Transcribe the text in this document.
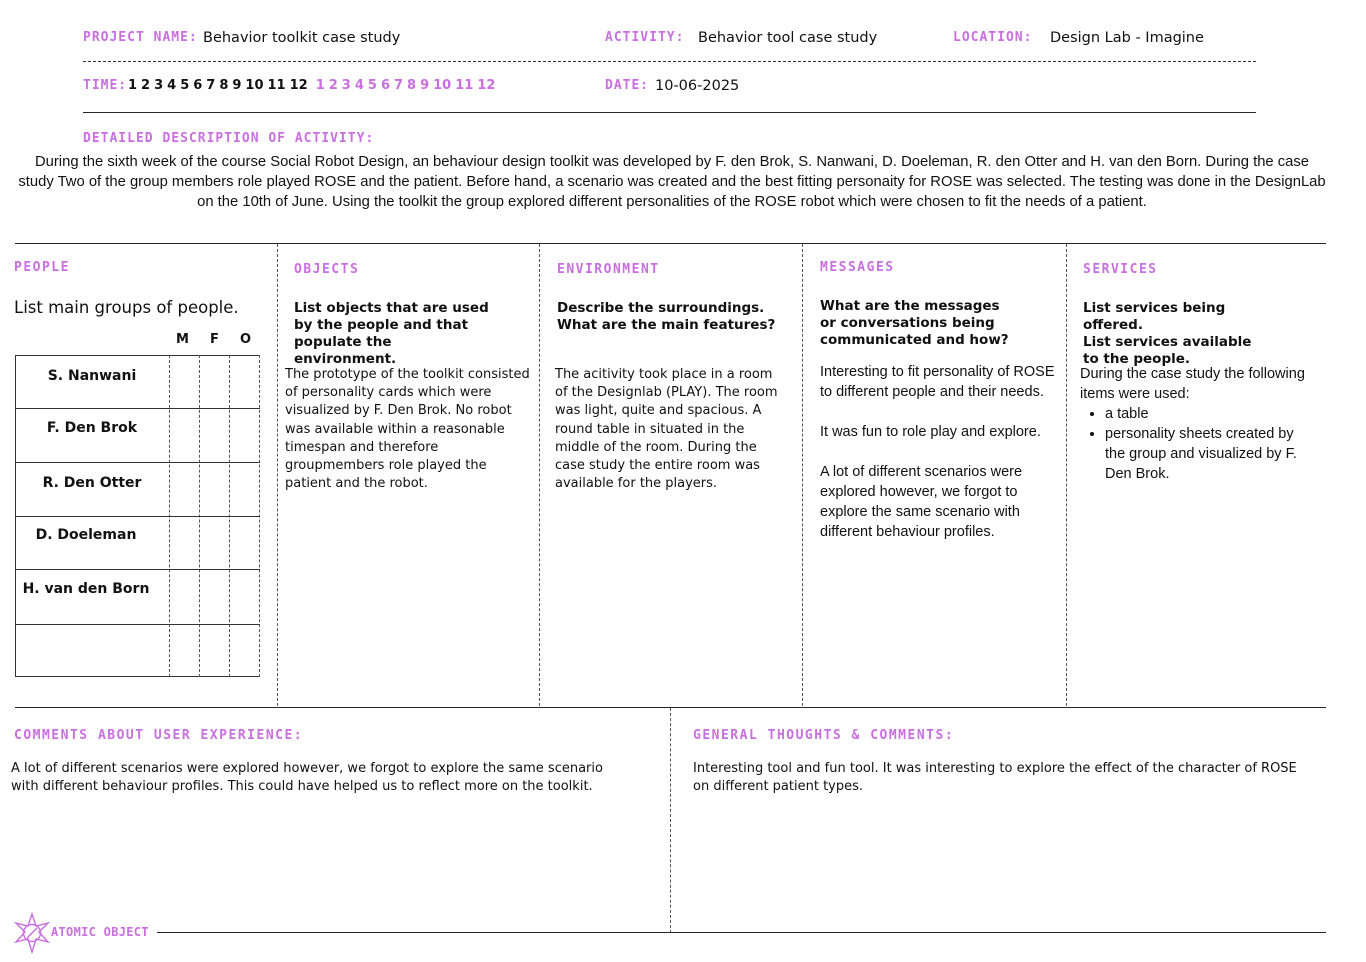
PROJECT NAME: Behavior toolkit case study	ACTIVITY: Behavior tool case study	LOCATION: Design Lab - Imagine
TIME: 1 2 3 4 5 6 7 8 9 10 11 12 1 2 3 4 5 6 7 8 9 10 11 12	DATE: 10-06-2025
DETAILED DESCRIPTION OF ACTIVITY:
During the sixth week of the course Social Robot Design, an behaviour design toolkit was developed by F. den Brok, S. Nanwani, D. Doeleman, R. den Otter and H. van den Born. During the case study Two of the group members role played ROSE and the patient. Before hand, a scenario was created and the best fitting personaity for ROSE was selected. The testing was done in the DesignLab on the 10th of June. Using the toolkit the group explored different personalities of the ROSE robot which were chosen to fit the needs of a patient.
PEOPLE
List main groups of people.
M F O
S. Nanwani
F. Den Brok
R. Den Otter
D. Doeleman
H. van den Born
OBJECTS
List objects that are used by the people and that populate the environment.
The prototype of the toolkit consisted of personality cards which were visualized by F. Den Brok. No robot was available within a reasonable timespan and therefore groupmembers role played the patient and the robot.
ENVIRONMENT
Describe the surroundings. What are the main features?
The acitivity took place in a room of the Designlab (PLAY). The room was light, quite and spacious. A round table in situated in the middle of the room. During the case study the entire room was available for the players.
MESSAGES
What are the messages or conversations being communicated and how?
Interesting to fit personality of ROSE to different people and their needs.
It was fun to role play and explore.
A lot of different scenarios were explored however, we forgot to explore the same scenario with different behaviour profiles.
SERVICES
List services being offered.
List services available to the people.
During the case study the following items were used:
• a table
• personality sheets created by the group and visualized by F. Den Brok.
COMMENTS ABOUT USER EXPERIENCE:
A lot of different scenarios were explored however, we forgot to explore the same scenario with different behaviour profiles. This could have helped us to reflect more on the toolkit.
GENERAL THOUGHTS & COMMENTS:
Interesting tool and fun tool. It was interesting to explore the effect of the character of ROSE on different patient types.
ATOMIC OBJECT
